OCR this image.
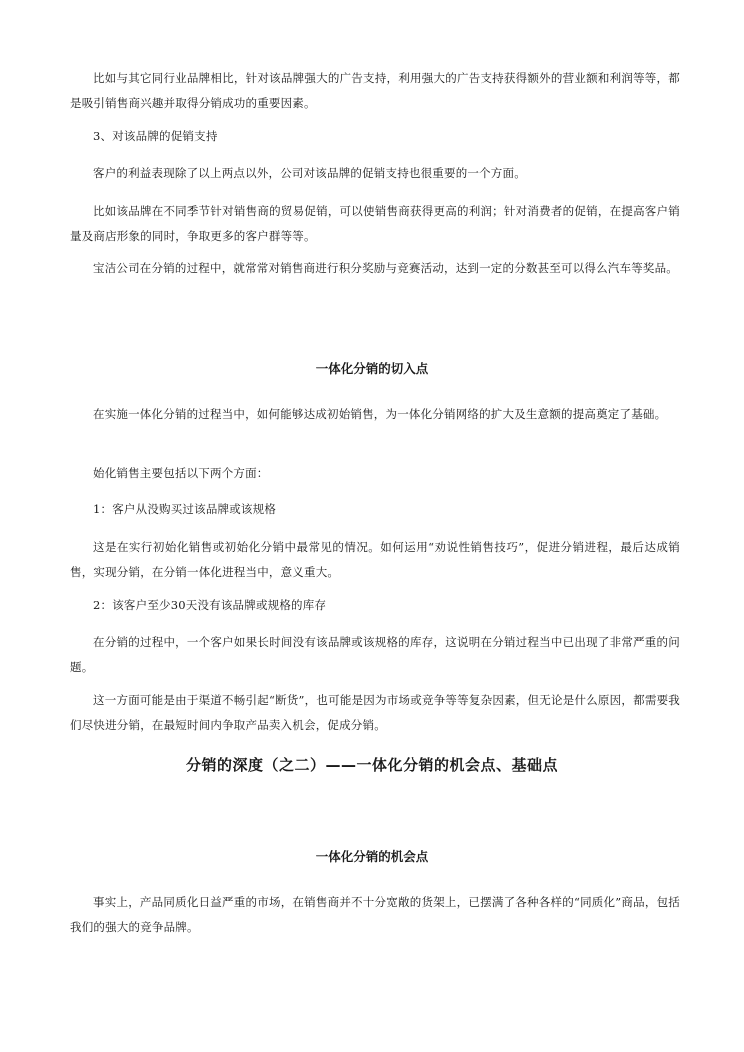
比如与其它同行业品牌相比，针对该品牌强大的广告支持，利用强大的广告支持获得额外的营业额和利润等等，都是吸引销售商兴趣并取得分销成功的重要因素。

3、对该品牌的促销支持

客户的利益表现除了以上两点以外，公司对该品牌的促销支持也很重要的一个方面。

比如该品牌在不同季节针对销售商的贸易促销，可以使销售商获得更高的利润；针对消费者的促销，在提高客户销量及商店形象的同时，争取更多的客户群等等。

宝洁公司在分销的过程中，就常常对销售商进行积分奖励与竞赛活动，达到一定的分数甚至可以得么汽车等奖品。

一体化分销的切入点

在实施一体化分销的过程当中，如何能够达成初始销售，为一体化分销网络的扩大及生意额的提高奠定了基础。

始化销售主要包括以下两个方面：

1：客户从没购买过该品牌或该规格

这是在实行初始化销售或初始化分销中最常见的情况。如何运用“劝说性销售技巧”，促进分销进程，最后达成销售，实现分销，在分销一体化进程当中，意义重大。

2：该客户至少30天没有该品牌或规格的库存

在分销的过程中，一个客户如果长时间没有该品牌或该规格的库存，这说明在分销过程当中已出现了非常严重的问题。

这一方面可能是由于渠道不畅引起“断货”，也可能是因为市场或竞争等等复杂因素，但无论是什么原因，都需要我们尽快进分销，在最短时间内争取产品卖入机会，促成分销。

分销的深度（之二）——一体化分销的机会点、基础点
一体化分销的机会点

事实上，产品同质化日益严重的市场，在销售商并不十分宽敞的货架上，已摆满了各种各样的“同质化”商品，包括我们的强大的竞争品牌。
